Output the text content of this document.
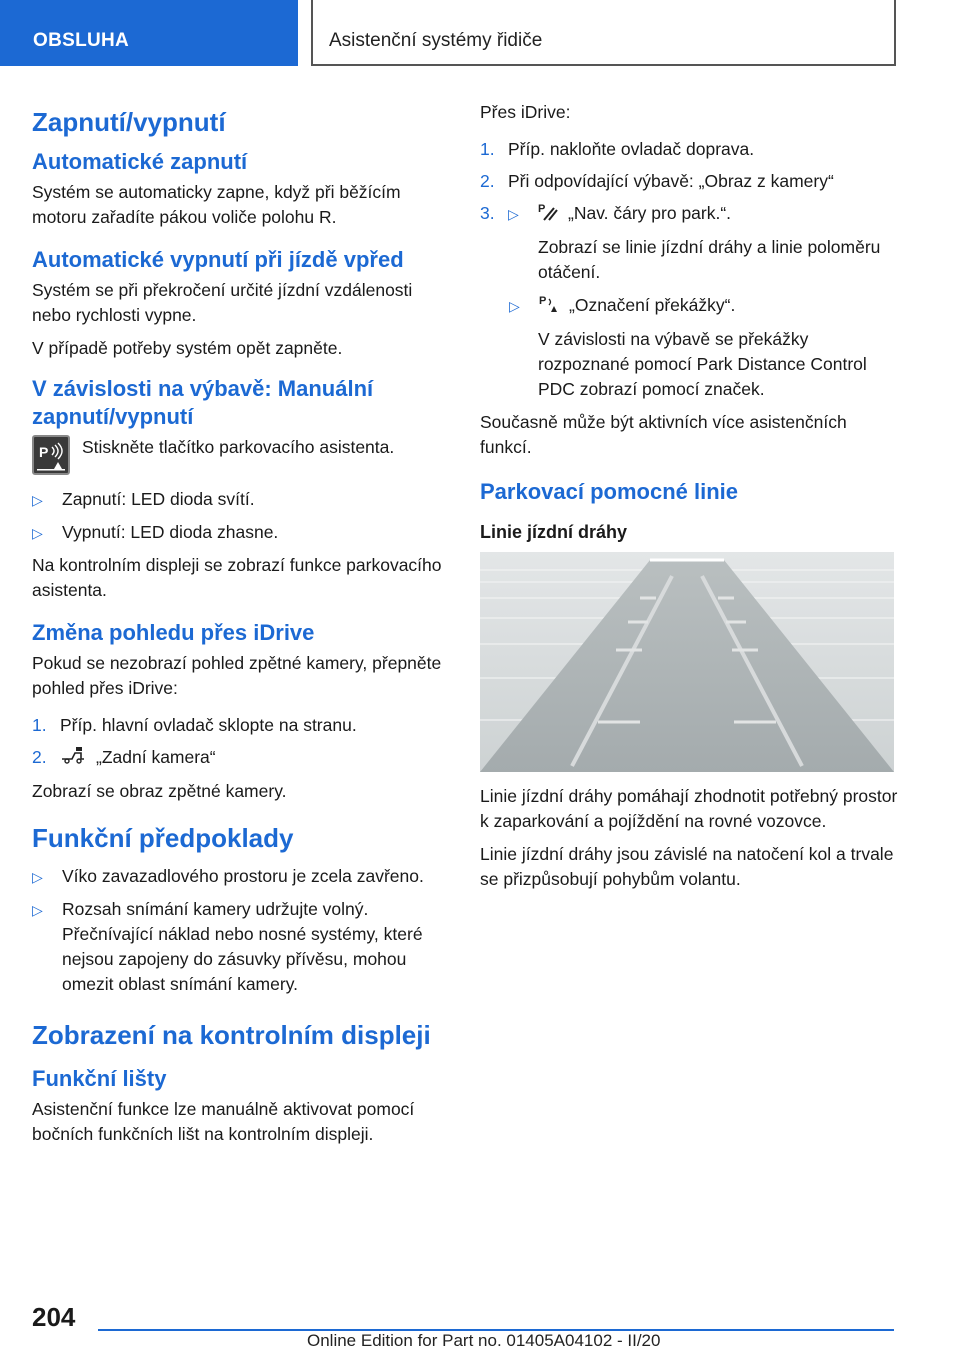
OBSLUHA	Asistenční systémy řidiče
Zapnutí/vypnutí
Automatické zapnutí
Systém se automaticky zapne, když při běžícím motoru zařadíte pákou voliče polohu R.
Automatické vypnutí při jízdě vpřed
Systém se při překročení určité jízdní vzdálenosti nebo rychlosti vypne.
V případě potřeby systém opět zapněte.
V závislosti na výbavě: Manuální zapnutí/vypnutí
P Stiskněte tlačítko parkovacího asistenta.
▷	Zapnutí: LED dioda svítí.
▷	Vypnutí: LED dioda zhasne.
Na kontrolním displeji se zobrazí funkce parkovacího asistenta.
Změna pohledu přes iDrive
Pokud se nezobrazí pohled zpětné kamery, přepněte pohled přes iDrive:
1. Příp. hlavní ovladač sklopte na stranu.
2.	„Zadní kamera“
Zobrazí se obraz zpětné kamery.
Funkční předpoklady
▷	Víko zavazadlového prostoru je zcela zavřeno.
▷	Rozsah snímání kamery udržujte volný. Přečnívající náklad nebo nosné systémy, které nejsou zapojeny do zásuvky přívěsu, mohou omezit oblast snímání kamery.
Zobrazení na kontrolním displeji
Funkční lišty
Asistenční funkce lze manuálně aktivovat pomocí bočních funkčních lišt na kontrolním displeji.
Přes iDrive:
1. Příp. nakloňte ovladač doprava.
2. Při odpovídající výbavě: „Obraz z kamery“
3. ▷	P „Nav. čáry pro park.“.
Zobrazí se linie jízdní dráhy a linie poloměru otáčení.
▷	P „Označení překážky“.
V závislosti na výbavě se překážky rozpoznané pomocí Park Distance Control PDC zobrazí pomocí značek.
Současně může být aktivních více asistenčních funkcí.
Parkovací pomocné linie
Linie jízdní dráhy
Linie jízdní dráhy pomáhají zhodnotit potřebný prostor k zaparkování a pojíždění na rovné vozovce.
Linie jízdní dráhy jsou závislé na natočení kol a trvale se přizpůsobují pohybům volantu.
204
Online Edition for Part no. 01405A04102 - II/20
